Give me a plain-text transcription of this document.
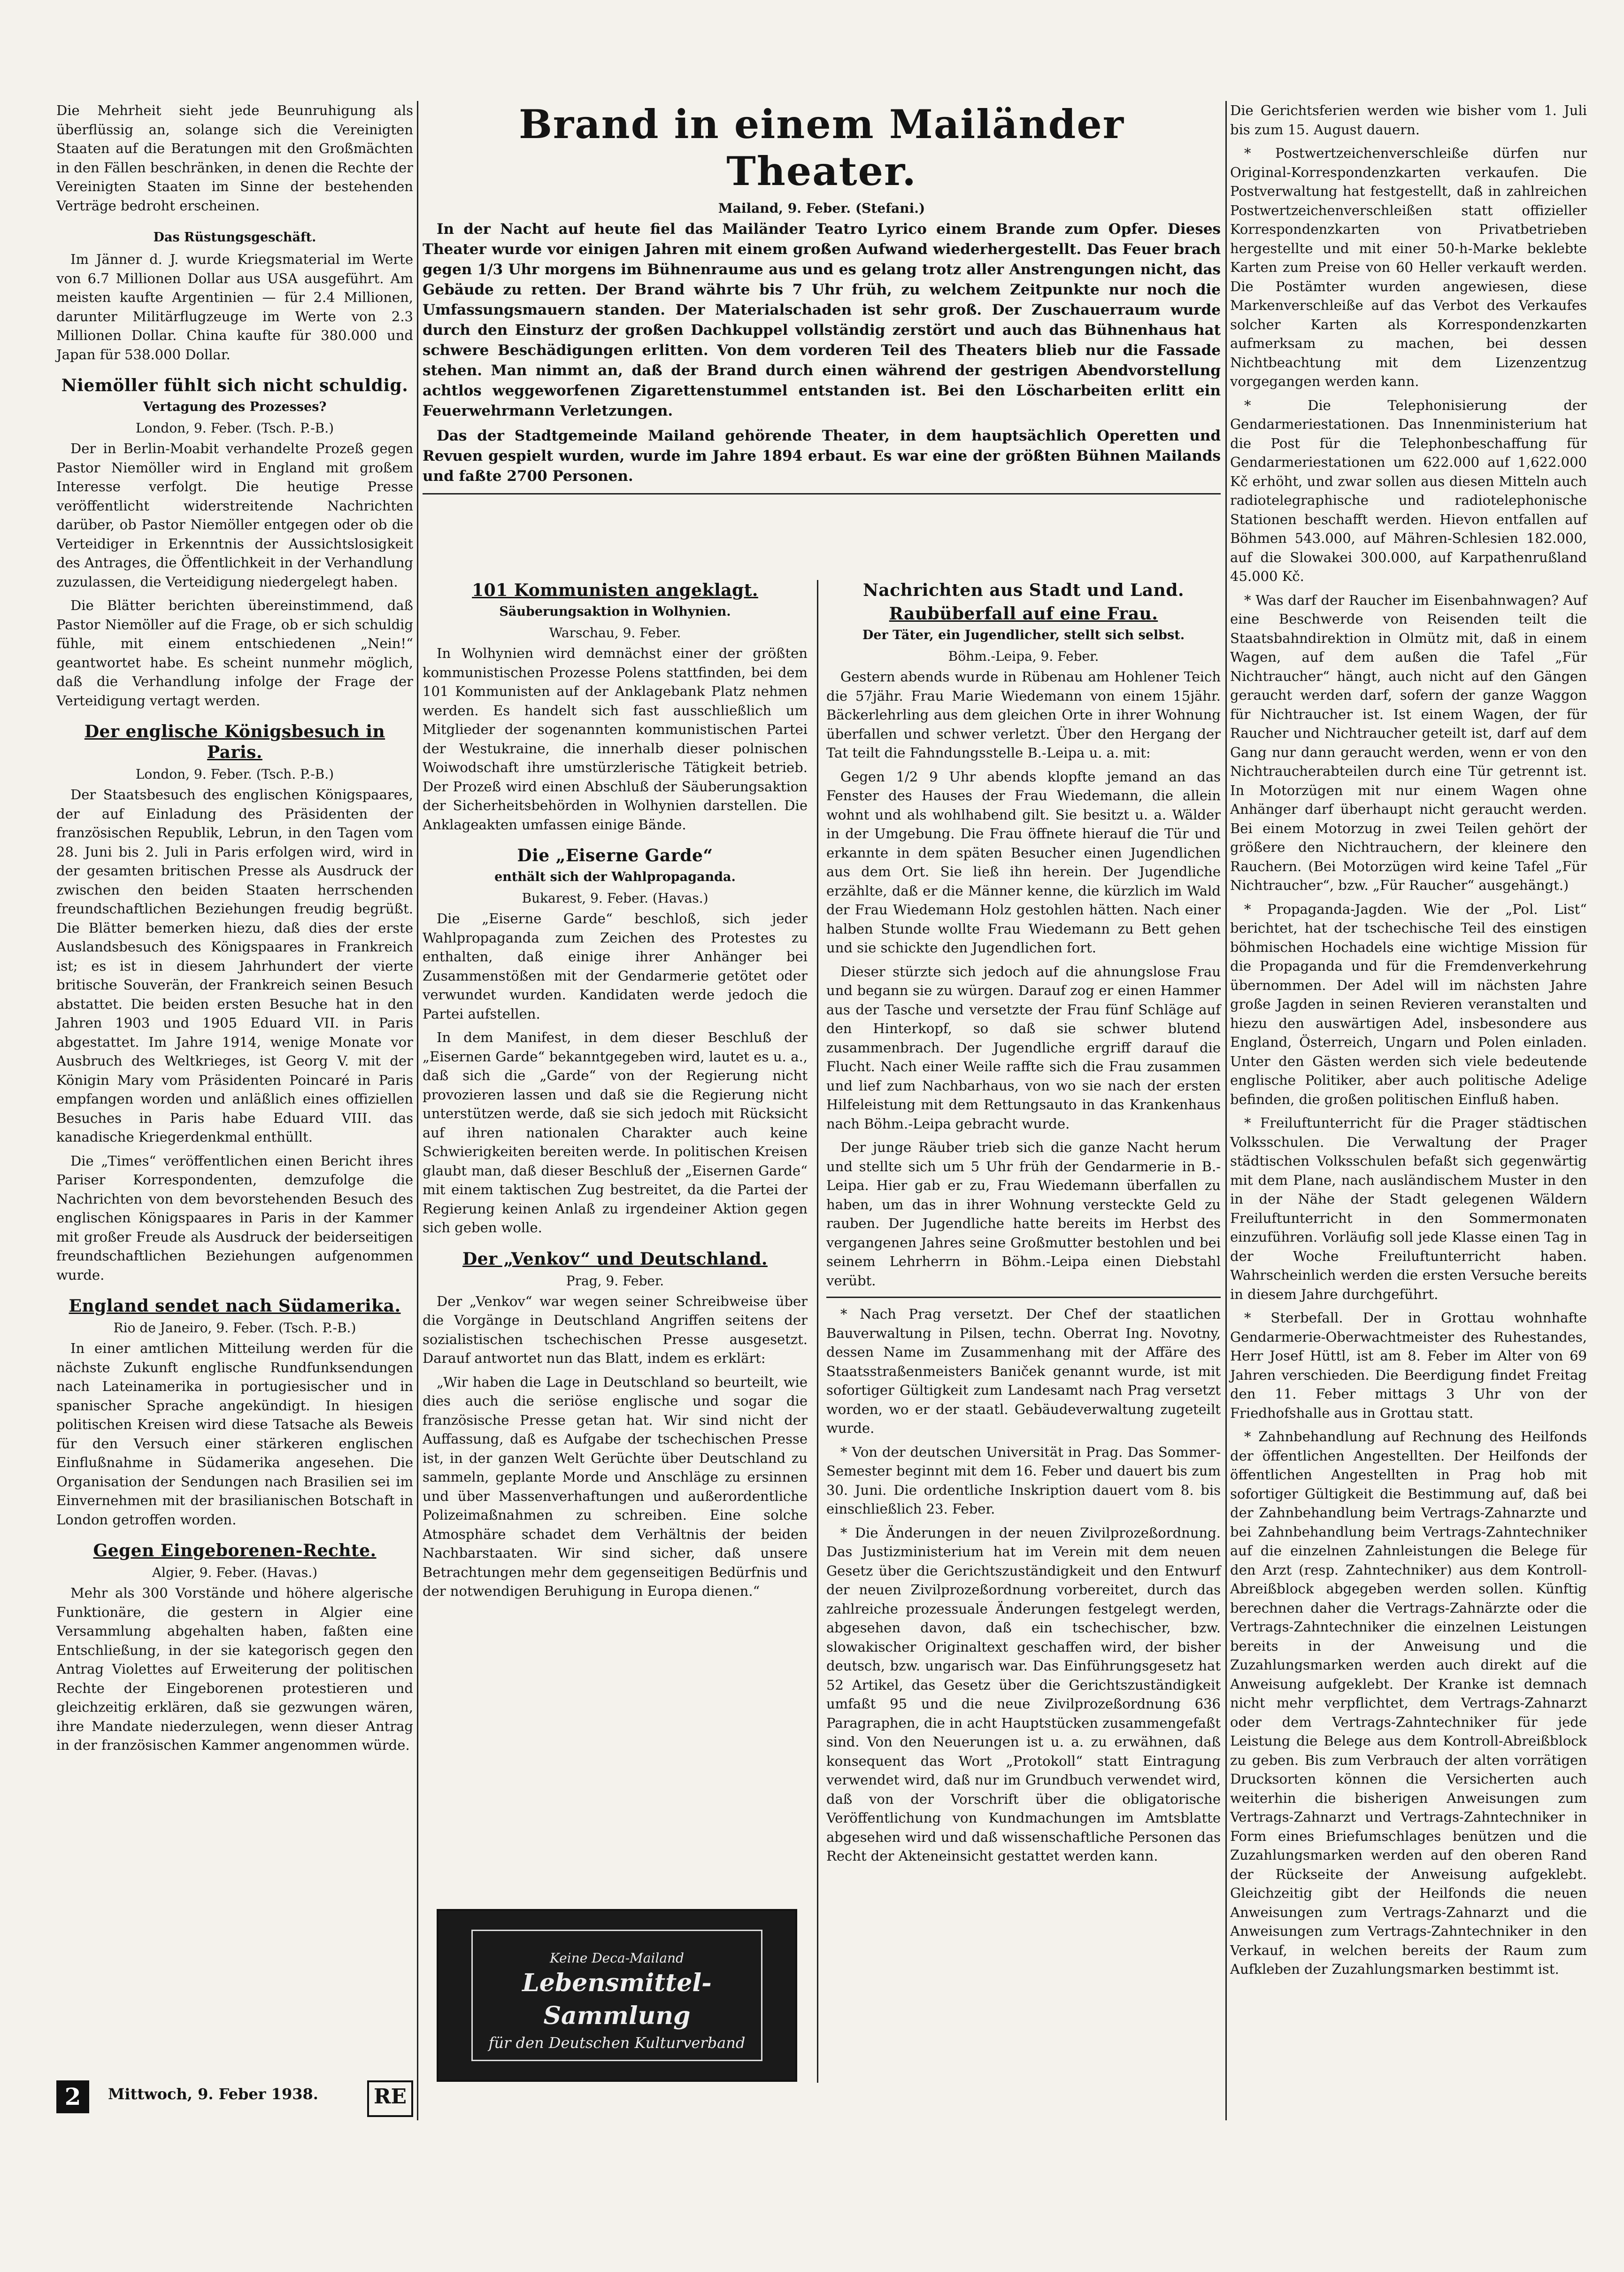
Die Mehrheit sieht jede Beunruhigung als überflüssig an, solange sich die Vereinigten Staaten auf die Beratungen mit den Großmächten in den Fällen beschränken, in denen die Rechte der Vereinigten Staaten im Sinne der bestehenden Verträge bedroht erscheinen.

Das Rüstungsgeschäft.

Im Jänner d. J. wurde Kriegsmaterial im Werte von 6.7 Millionen Dollar aus USA ausgeführt. Am meisten kaufte Argentinien — für 2.4 Millionen, darunter Militärflugzeuge im Werte von 2.3 Millionen Dollar. China kaufte für 380.000 und Japan für 538.000 Dollar.

Niemöller fühlt sich nicht schuldig.
Vertagung des Prozesses?
London, 9. Feber. (Tsch. P.-B.)

Der in Berlin-Moabit verhandelte Prozeß gegen Pastor Niemöller wird in England mit großem Interesse verfolgt. Die heutige Presse veröffentlicht widerstreitende Nachrichten darüber, ob Pastor Niemöller entgegen oder ob die Verteidiger in Erkenntnis der Aussichtslosigkeit des Antrages, die Öffentlichkeit in der Verhandlung zuzulassen, die Verteidigung niedergelegt haben.

Die Blätter berichten übereinstimmend, daß Pastor Niemöller auf die Frage, ob er sich schuldig fühle, mit einem entschiedenen „Nein!“ geantwortet habe. Es scheint nunmehr möglich, daß die Verhandlung infolge der Frage der Verteidigung vertagt werden.

Der englische Königsbesuch in Paris.
London, 9. Feber. (Tsch. P.-B.)

Der Staatsbesuch des englischen Königspaares, der auf Einladung des Präsidenten der französischen Republik, Lebrun, in den Tagen vom 28. Juni bis 2. Juli in Paris erfolgen wird, wird in der gesamten britischen Presse als Ausdruck der zwischen den beiden Staaten herrschenden freundschaftlichen Beziehungen freudig begrüßt. Die Blätter bemerken hiezu, daß dies der erste Auslandsbesuch des Königspaares in Frankreich ist; es ist in diesem Jahrhundert der vierte britische Souverän, der Frankreich seinen Besuch abstattet. Die beiden ersten Besuche hat in den Jahren 1903 und 1905 Eduard VII. in Paris abgestattet. Im Jahre 1914, wenige Monate vor Ausbruch des Weltkrieges, ist Georg V. mit der Königin Mary vom Präsidenten Poincaré in Paris empfangen worden und anläßlich eines offiziellen Besuches in Paris habe Eduard VIII. das kanadische Kriegerdenkmal enthüllt.

Die „Times“ veröffentlichen einen Bericht ihres Pariser Korrespondenten, demzufolge die Nachrichten von dem bevorstehenden Besuch des englischen Königspaares in Paris in der Kammer mit großer Freude als Ausdruck der beiderseitigen freundschaftlichen Beziehungen aufgenommen wurde.

England sendet nach Südamerika.
Rio de Janeiro, 9. Feber. (Tsch. P.-B.)

In einer amtlichen Mitteilung werden für die nächste Zukunft englische Rundfunksendungen nach Lateinamerika in portugiesischer und in spanischer Sprache angekündigt. In hiesigen politischen Kreisen wird diese Tatsache als Beweis für den Versuch einer stärkeren englischen Einflußnahme in Südamerika angesehen. Die Organisation der Sendungen nach Brasilien sei im Einvernehmen mit der brasilianischen Botschaft in London getroffen worden.

Gegen Eingeborenen-Rechte.
Algier, 9. Feber. (Havas.)

Mehr als 300 Vorstände und höhere algerische Funktionäre, die gestern in Algier eine Versammlung abgehalten haben, faßten eine Entschließung, in der sie kategorisch gegen den Antrag Violettes auf Erweiterung der politischen Rechte der Eingeborenen protestieren und gleichzeitig erklären, daß sie gezwungen wären, ihre Mandate niederzulegen, wenn dieser Antrag in der französischen Kammer angenommen würde.

Brand in einem Mailänder Theater.
Mailand, 9. Feber. (Stefani.)

In der Nacht auf heute fiel das Mailänder Teatro Lyrico einem Brande zum Opfer. Dieses Theater wurde vor einigen Jahren mit einem großen Aufwand wiederhergestellt. Das Feuer brach gegen 1/3 Uhr morgens im Bühnenraume aus und es gelang trotz aller Anstrengungen nicht, das Gebäude zu retten. Der Brand währte bis 7 Uhr früh, zu welchem Zeitpunkte nur noch die Umfassungsmauern standen. Der Materialschaden ist sehr groß. Der Zuschauerraum wurde durch den Einsturz der großen Dachkuppel vollständig zerstört und auch das Bühnenhaus hat schwere Beschädigungen erlitten. Von dem vorderen Teil des Theaters blieb nur die Fassade stehen. Man nimmt an, daß der Brand durch einen während der gestrigen Abendvorstellung achtlos weggeworfenen Zigarettenstummel entstanden ist. Bei den Löscharbeiten erlitt ein Feuerwehrmann Verletzungen.

Das der Stadtgemeinde Mailand gehörende Theater, in dem hauptsächlich Operetten und Revuen gespielt wurden, wurde im Jahre 1894 erbaut. Es war eine der größten Bühnen Mailands und faßte 2700 Personen.

101 Kommunisten angeklagt.
Säuberungsaktion in Wolhynien.
Warschau, 9. Feber.

In Wolhynien wird demnächst einer der größten kommunistischen Prozesse Polens stattfinden, bei dem 101 Kommunisten auf der Anklagebank Platz nehmen werden. Es handelt sich fast ausschließlich um Mitglieder der sogenannten kommunistischen Partei der Westukraine, die innerhalb dieser polnischen Woiwodschaft ihre umstürzlerische Tätigkeit betrieb. Der Prozeß wird einen Abschluß der Säuberungsaktion der Sicherheitsbehörden in Wolhynien darstellen. Die Anklageakten umfassen einige Bände.

Die „Eiserne Garde“
enthält sich der Wahlpropaganda.
Bukarest, 9. Feber. (Havas.)

Die „Eiserne Garde“ beschloß, sich jeder Wahlpropaganda zum Zeichen des Protestes zu enthalten, daß einige ihrer Anhänger bei Zusammenstößen mit der Gendarmerie getötet oder verwundet wurden. Kandidaten werde jedoch die Partei aufstellen.

In dem Manifest, in dem dieser Beschluß der „Eisernen Garde“ bekanntgegeben wird, lautet es u. a., daß sich die „Garde“ von der Regierung nicht provozieren lassen und daß sie die Regierung nicht unterstützen werde, daß sie sich jedoch mit Rücksicht auf ihren nationalen Charakter auch keine Schwierigkeiten bereiten werde. In politischen Kreisen glaubt man, daß dieser Beschluß der „Eisernen Garde“ mit einem taktischen Zug bestreitet, da die Partei der Regierung keinen Anlaß zu irgendeiner Aktion gegen sich geben wolle.

Der „Venkov“ und Deutschland.
Prag, 9. Feber.

Der „Venkov“ war wegen seiner Schreibweise über die Vorgänge in Deutschland Angriffen seitens der sozialistischen tschechischen Presse ausgesetzt. Darauf antwortet nun das Blatt, indem es erklärt:

„Wir haben die Lage in Deutschland so beurteilt, wie dies auch die seriöse englische und sogar die französische Presse getan hat. Wir sind nicht der Auffassung, daß es Aufgabe der tschechischen Presse ist, in der ganzen Welt Gerüchte über Deutschland zu sammeln, geplante Morde und Anschläge zu ersinnen und über Massenverhaftungen und außerordentliche Polizeimaßnahmen zu schreiben. Eine solche Atmosphäre schadet dem Verhältnis der beiden Nachbarstaaten. Wir sind sicher, daß unsere Betrachtungen mehr dem gegenseitigen Bedürfnis und der notwendigen Beruhigung in Europa dienen.“

Nachrichten aus Stadt und Land.
Raubüberfall auf eine Frau.
Der Täter, ein Jugendlicher, stellt sich selbst.
Böhm.-Leipa, 9. Feber.

Gestern abends wurde in Rübenau am Hohlener Teich die 57jähr. Frau Marie Wiedemann von einem 15jähr. Bäckerlehrling aus dem gleichen Orte in ihrer Wohnung überfallen und schwer verletzt. Über den Hergang der Tat teilt die Fahndungsstelle B.-Leipa u. a. mit:

Gegen 1/2 9 Uhr abends klopfte jemand an das Fenster des Hauses der Frau Wiedemann, die allein wohnt und als wohlhabend gilt. Sie besitzt u. a. Wälder in der Umgebung. Die Frau öffnete hierauf die Tür und erkannte in dem späten Besucher einen Jugendlichen aus dem Ort. Sie ließ ihn herein. Der Jugendliche erzählte, daß er die Männer kenne, die kürzlich im Wald der Frau Wiedemann Holz gestohlen hätten. Nach einer halben Stunde wollte Frau Wiedemann zu Bett gehen und sie schickte den Jugendlichen fort.

Dieser stürzte sich jedoch auf die ahnungslose Frau und begann sie zu würgen. Darauf zog er einen Hammer aus der Tasche und versetzte der Frau fünf Schläge auf den Hinterkopf, so daß sie schwer blutend zusammenbrach. Der Jugendliche ergriff darauf die Flucht. Nach einer Weile raffte sich die Frau zusammen und lief zum Nachbarhaus, von wo sie nach der ersten Hilfeleistung mit dem Rettungsauto in das Krankenhaus nach Böhm.-Leipa gebracht wurde.

Der junge Räuber trieb sich die ganze Nacht herum und stellte sich um 5 Uhr früh der Gendarmerie in B.-Leipa. Hier gab er zu, Frau Wiedemann überfallen zu haben, um das in ihrer Wohnung versteckte Geld zu rauben. Der Jugendliche hatte bereits im Herbst des vergangenen Jahres seine Großmutter bestohlen und bei seinem Lehrherrn in Böhm.-Leipa einen Diebstahl verübt.

* Nach Prag versetzt. Der Chef der staatlichen Bauverwaltung in Pilsen, techn. Oberrat Ing. Novotny, dessen Name im Zusammenhang mit der Affäre des Staatsstraßenmeisters Baniček genannt wurde, ist mit sofortiger Gültigkeit zum Landesamt nach Prag versetzt worden, wo er der staatl. Gebäudeverwaltung zugeteilt wurde.

* Von der deutschen Universität in Prag. Das Sommer-Semester beginnt mit dem 16. Feber und dauert bis zum 30. Juni. Die ordentliche Inskription dauert vom 8. bis einschließlich 23. Feber.

* Die Änderungen in der neuen Zivilprozeßordnung. Das Justizministerium hat im Verein mit dem neuen Gesetz über die Gerichtszuständigkeit und den Entwurf der neuen Zivilprozeßordnung vorbereitet, durch das zahlreiche prozessuale Änderungen festgelegt werden, abgesehen davon, daß ein tschechischer, bzw. slowakischer Originaltext geschaffen wird, der bisher deutsch, bzw. ungarisch war. Das Einführungsgesetz hat 52 Artikel, das Gesetz über die Gerichtszuständigkeit umfaßt 95 und die neue Zivilprozeßordnung 636 Paragraphen, die in acht Hauptstücken zusammengefaßt sind. Von den Neuerungen ist u. a. zu erwähnen, daß konsequent das Wort „Protokoll“ statt Eintragung verwendet wird, daß nur im Grundbuch verwendet wird, daß von der Vorschrift über die obligatorische Veröffentlichung von Kundmachungen im Amtsblatte abgesehen wird und daß wissenschaftliche Personen das Recht der Akteneinsicht gestattet werden kann.

Keine Deca-Mailand
Lebensmittel-Sammlung
für den Deutschen Kulturverband

Die Gerichtsferien werden wie bisher vom 1. Juli bis zum 15. August dauern.

* Postwertzeichenverschleiße dürfen nur Original-Korrespondenzkarten verkaufen. Die Postverwaltung hat festgestellt, daß in zahlreichen Postwertzeichenverschleißen statt offizieller Korrespondenzkarten von Privatbetrieben hergestellte und mit einer 50-h-Marke beklebte Karten zum Preise von 60 Heller verkauft werden. Die Postämter wurden angewiesen, diese Markenverschleiße auf das Verbot des Verkaufes solcher Karten als Korrespondenzkarten aufmerksam zu machen, bei dessen Nichtbeachtung mit dem Lizenzentzug vorgegangen werden kann.

* Die Telephonisierung der Gendarmeriestationen. Das Innenministerium hat die Post für die Telephonbeschaffung für Gendarmeriestationen um 622.000 auf 1,622.000 Kč erhöht, und zwar sollen aus diesen Mitteln auch radiotelegraphische und radiotelephonische Stationen beschafft werden. Hievon entfallen auf Böhmen 543.000, auf Mähren-Schlesien 182.000, auf die Slowakei 300.000, auf Karpathenrußland 45.000 Kč.

* Was darf der Raucher im Eisenbahnwagen? Auf eine Beschwerde von Reisenden teilt die Staatsbahndirektion in Olmütz mit, daß in einem Wagen, auf dem außen die Tafel „Für Nichtraucher“ hängt, auch nicht auf den Gängen geraucht werden darf, sofern der ganze Waggon für Nichtraucher ist. Ist einem Wagen, der für Raucher und Nichtraucher geteilt ist, darf auf dem Gang nur dann geraucht werden, wenn er von den Nichtraucherabteilen durch eine Tür getrennt ist. In Motorzügen mit nur einem Wagen ohne Anhänger darf überhaupt nicht geraucht werden. Bei einem Motorzug in zwei Teilen gehört der größere den Nichtrauchern, der kleinere den Rauchern. (Bei Motorzügen wird keine Tafel „Für Nichtraucher“, bzw. „Für Raucher“ ausgehängt.)

* Propaganda-Jagden. Wie der „Pol. List“ berichtet, hat der tschechische Teil des einstigen böhmischen Hochadels eine wichtige Mission für die Propaganda und für die Fremdenverkehrung übernommen. Der Adel will im nächsten Jahre große Jagden in seinen Revieren veranstalten und hiezu den auswärtigen Adel, insbesondere aus England, Österreich, Ungarn und Polen einladen. Unter den Gästen werden sich viele bedeutende englische Politiker, aber auch politische Adelige befinden, die großen politischen Einfluß haben.

* Freiluftunterricht für die Prager städtischen Volksschulen. Die Verwaltung der Prager städtischen Volksschulen befaßt sich gegenwärtig mit dem Plane, nach ausländischem Muster in den in der Nähe der Stadt gelegenen Wäldern Freiluftunterricht in den Sommermonaten einzuführen. Vorläufig soll jede Klasse einen Tag in der Woche Freiluftunterricht haben. Wahrscheinlich werden die ersten Versuche bereits in diesem Jahre durchgeführt.

* Sterbefall. Der in Grottau wohnhafte Gendarmerie-Oberwachtmeister des Ruhestandes, Herr Josef Hüttl, ist am 8. Feber im Alter von 69 Jahren verschieden. Die Beerdigung findet Freitag den 11. Feber mittags 3 Uhr von der Friedhofshalle aus in Grottau statt.

* Zahnbehandlung auf Rechnung des Heilfonds der öffentlichen Angestellten. Der Heilfonds der öffentlichen Angestellten in Prag hob mit sofortiger Gültigkeit die Bestimmung auf, daß bei der Zahnbehandlung beim Vertrags-Zahnarzte und bei Zahnbehandlung beim Vertrags-Zahntechniker auf die einzelnen Zahnleistungen die Belege für den Arzt (resp. Zahntechniker) aus dem Kontroll-Abreißblock abgegeben werden sollen. Künftig berechnen daher die Vertrags-Zahnärzte oder die Vertrags-Zahntechniker die einzelnen Leistungen bereits in der Anweisung und die Zuzahlungsmarken werden auch direkt auf die Anweisung aufgeklebt. Der Kranke ist demnach nicht mehr verpflichtet, dem Vertrags-Zahnarzt oder dem Vertrags-Zahntechniker für jede Leistung die Belege aus dem Kontroll-Abreißblock zu geben. Bis zum Verbrauch der alten vorrätigen Drucksorten können die Versicherten auch weiterhin die bisherigen Anweisungen zum Vertrags-Zahnarzt und Vertrags-Zahntechniker in Form eines Briefumschlages benützen und die Zuzahlungsmarken werden auf den oberen Rand der Rückseite der Anweisung aufgeklebt. Gleichzeitig gibt der Heilfonds die neuen Anweisungen zum Vertrags-Zahnarzt und die Anweisungen zum Vertrags-Zahntechniker in den Verkauf, in welchen bereits der Raum zum Aufkleben der Zuzahlungsmarken bestimmt ist.

2	Mittwoch, 9. Feber 1938.	RE
